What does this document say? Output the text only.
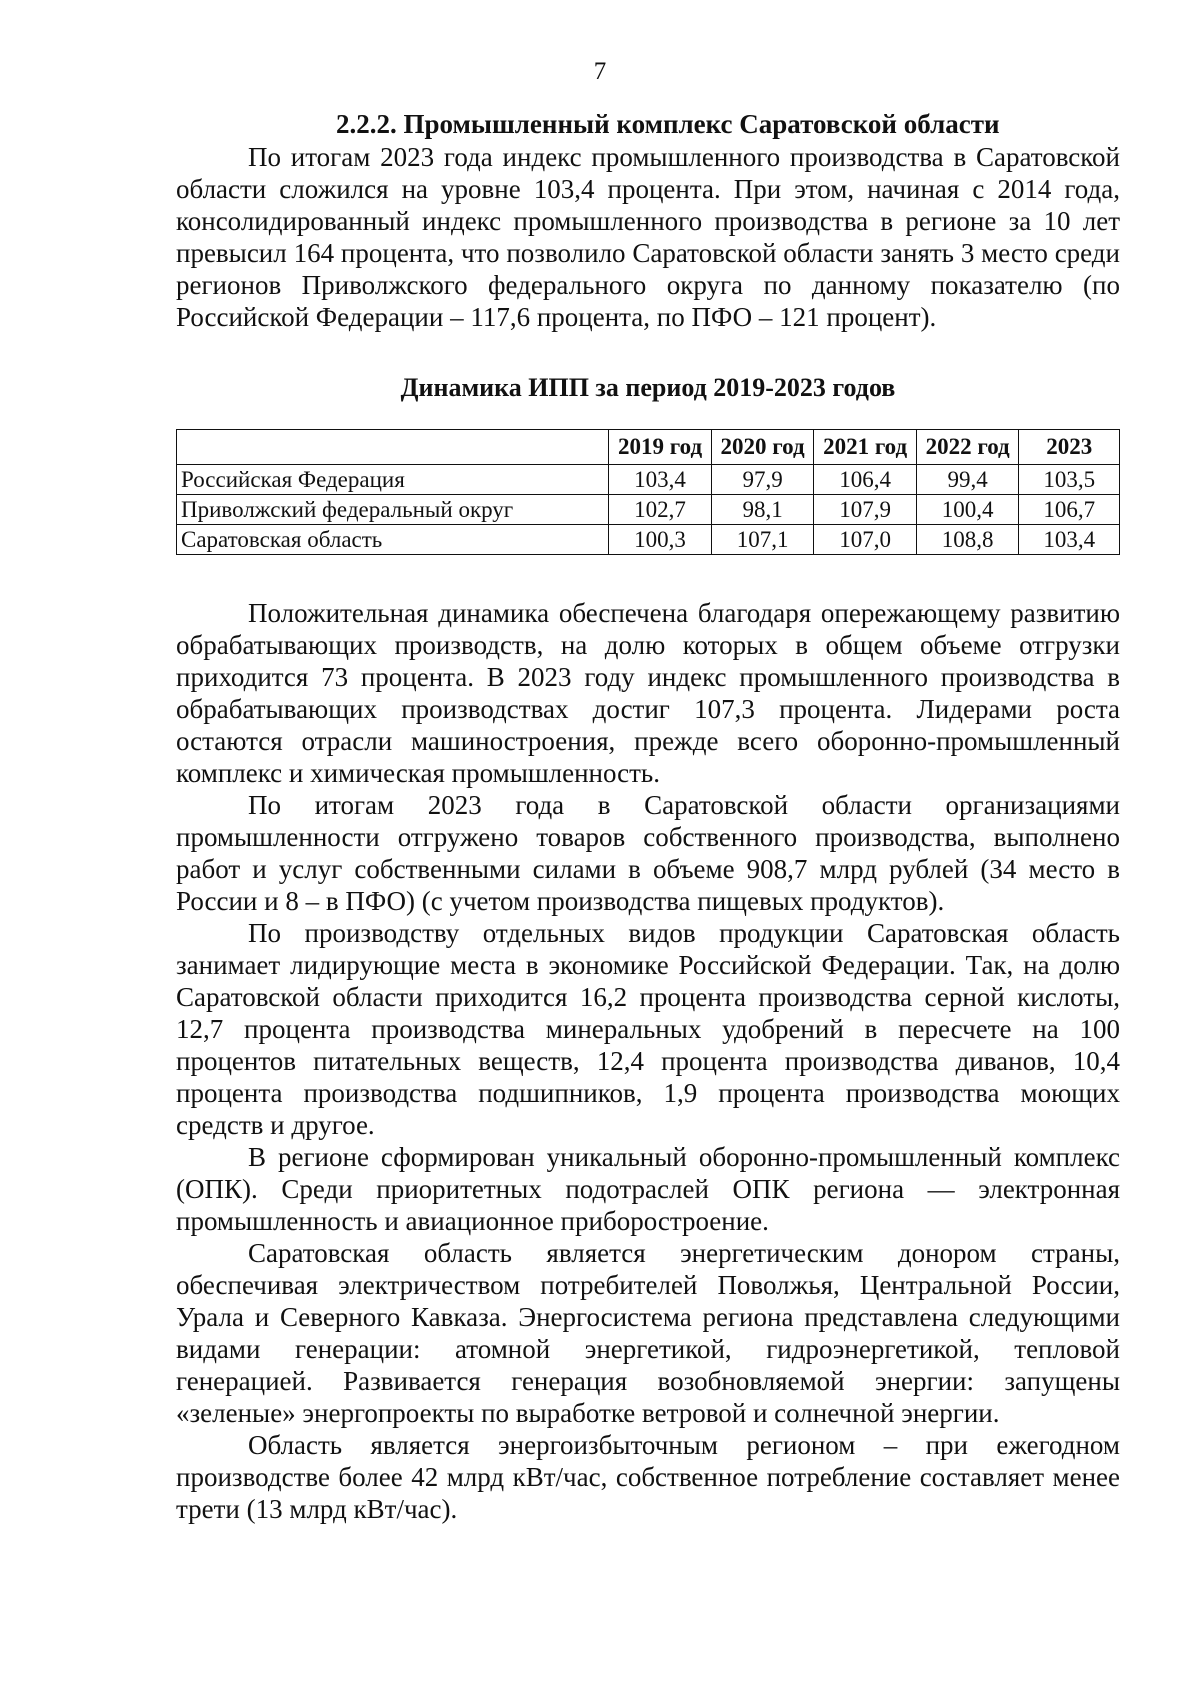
7
2.2.2. Промышленный комплекс Саратовской области

По итогам 2023 года индекс промышленного производства в Саратовской области сложился на уровне 103,4 процента. При этом, начиная с 2014 года, консолидированный индекс промышленного производства в регионе за 10 лет превысил 164 процента, что позволило Саратовской области занять 3 место среди регионов Приволжского федерального округа по данному показателю (по Российской Федерации – 117,6 процента, по ПФО – 121 процент).

Динамика ИПП за период 2019-2023 годов
	2019 год	2020 год	2021 год	2022 год	2023
Российская Федерация	103,4	97,9	106,4	99,4	103,5
Приволжский федеральный округ	102,7	98,1	107,9	100,4	106,7
Саратовская область	100,3	107,1	107,0	108,8	103,4

Положительная динамика обеспечена благодаря опережающему развитию обрабатывающих производств, на долю которых в общем объеме отгрузки приходится 73 процента. В 2023 году индекс промышленного производства в обрабатывающих производствах достиг 107,3 процента. Лидерами роста остаются отрасли машиностроения, прежде всего оборонно-промышленный комплекс и химическая промышленность.

По итогам 2023 года в Саратовской области организациями промышленности отгружено товаров собственного производства, выполнено работ и услуг собственными силами в объеме 908,7 млрд рублей (34 место в России и 8 – в ПФО) (с учетом производства пищевых продуктов).

По производству отдельных видов продукции Саратовская область занимает лидирующие места в экономике Российской Федерации. Так, на долю Саратовской области приходится 16,2 процента производства серной кислоты, 12,7 процента производства минеральных удобрений в пересчете на 100 процентов питательных веществ, 12,4 процента производства диванов, 10,4 процента производства подшипников, 1,9 процента производства моющих средств и другое.

В регионе сформирован уникальный оборонно-промышленный комплекс (ОПК). Среди приоритетных подотраслей ОПК региона — электронная промышленность и авиационное приборостроение.

Саратовская область является энергетическим донором страны, обеспечивая электричеством потребителей Поволжья, Центральной России, Урала и Северного Кавказа. Энергосистема региона представлена следующими видами генерации: атомной энергетикой, гидроэнергетикой, тепловой генерацией. Развивается генерация возобновляемой энергии: запущены «зеленые» энергопроекты по выработке ветровой и солнечной энергии.

Область является энергоизбыточным регионом – при ежегодном производстве более 42 млрд кВт/час, собственное потребление составляет менее трети (13 млрд кВт/час).
